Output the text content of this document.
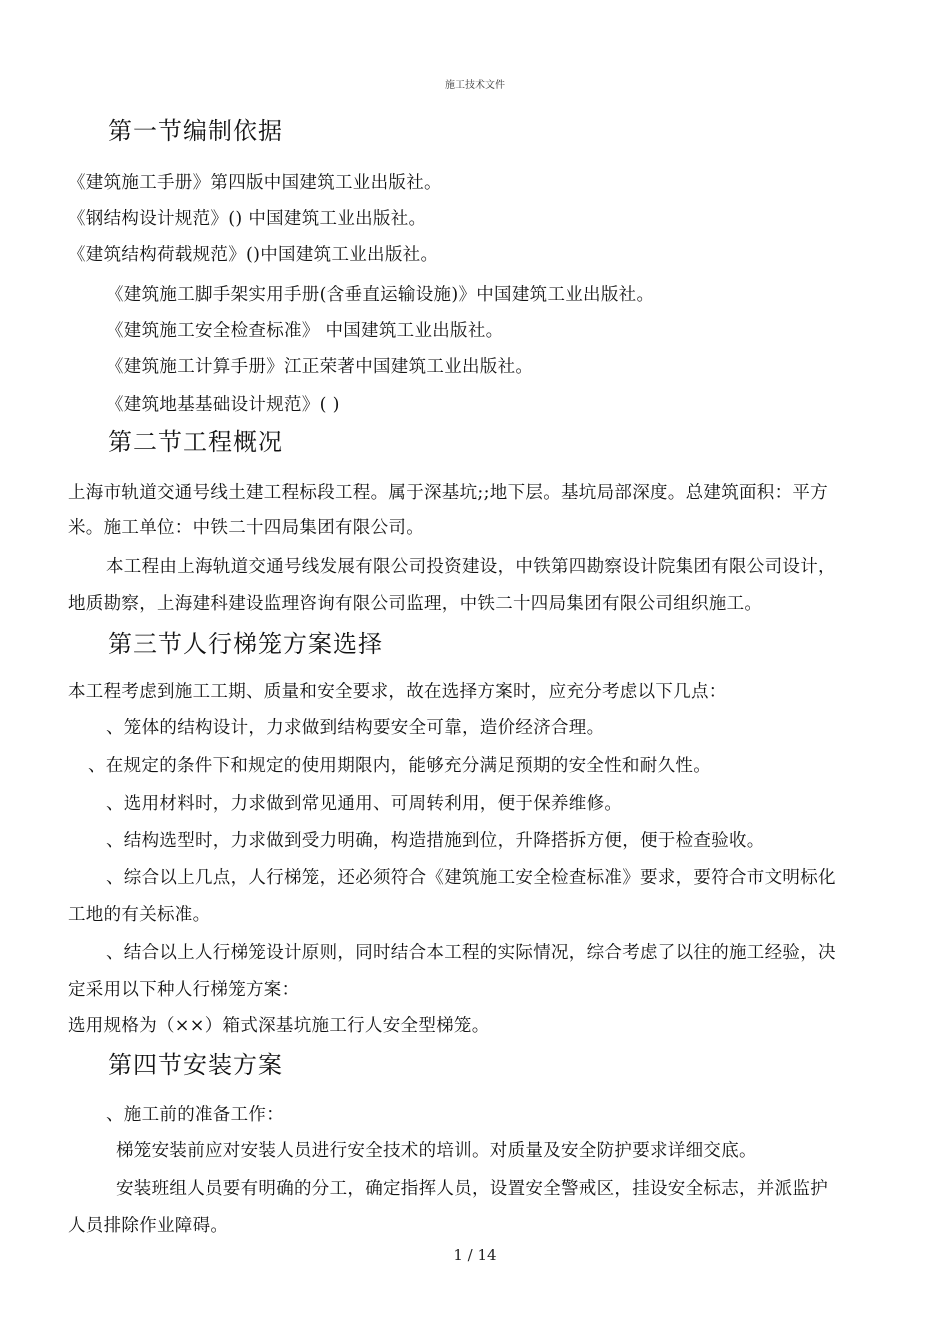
施工技术文件
第一节编制依据
《建筑施工手册》第四版中国建筑工业出版社。
《钢结构设计规范》() 中国建筑工业出版社。
《建筑结构荷载规范》()中国建筑工业出版社。
《建筑施工脚手架实用手册(含垂直运输设施)》中国建筑工业出版社。
《建筑施工安全检查标准》 中国建筑工业出版社。
《建筑施工计算手册》江正荣著中国建筑工业出版社。
《建筑地基基础设计规范》( )
第二节工程概况
上海市轨道交通号线土建工程标段工程。属于深基坑;;地下层。基坑局部深度。总建筑面积：平方
米。施工单位：中铁二十四局集团有限公司。
本工程由上海轨道交通号线发展有限公司投资建设，中铁第四勘察设计院集团有限公司设计，
地质勘察，上海建科建设监理咨询有限公司监理，中铁二十四局集团有限公司组织施工。
第三节人行梯笼方案选择
本工程考虑到施工工期、质量和安全要求，故在选择方案时，应充分考虑以下几点：
、笼体的结构设计，力求做到结构要安全可靠，造价经济合理。
、在规定的条件下和规定的使用期限内，能够充分满足预期的安全性和耐久性。
、选用材料时，力求做到常见通用、可周转利用，便于保养维修。
、结构选型时，力求做到受力明确，构造措施到位，升降搭拆方便，便于检查验收。
、综合以上几点，人行梯笼，还必须符合《建筑施工安全检查标准》要求，要符合市文明标化
工地的有关标准。
、结合以上人行梯笼设计原则，同时结合本工程的实际情况，综合考虑了以往的施工经验，决
定采用以下种人行梯笼方案：
选用规格为（××）箱式深基坑施工行人安全型梯笼。
第四节安装方案
、施工前的准备工作：
梯笼安装前应对安装人员进行安全技术的培训。对质量及安全防护要求详细交底。
安装班组人员要有明确的分工，确定指挥人员，设置安全警戒区，挂设安全标志，并派监护
人员排除作业障碍。
1 / 14
